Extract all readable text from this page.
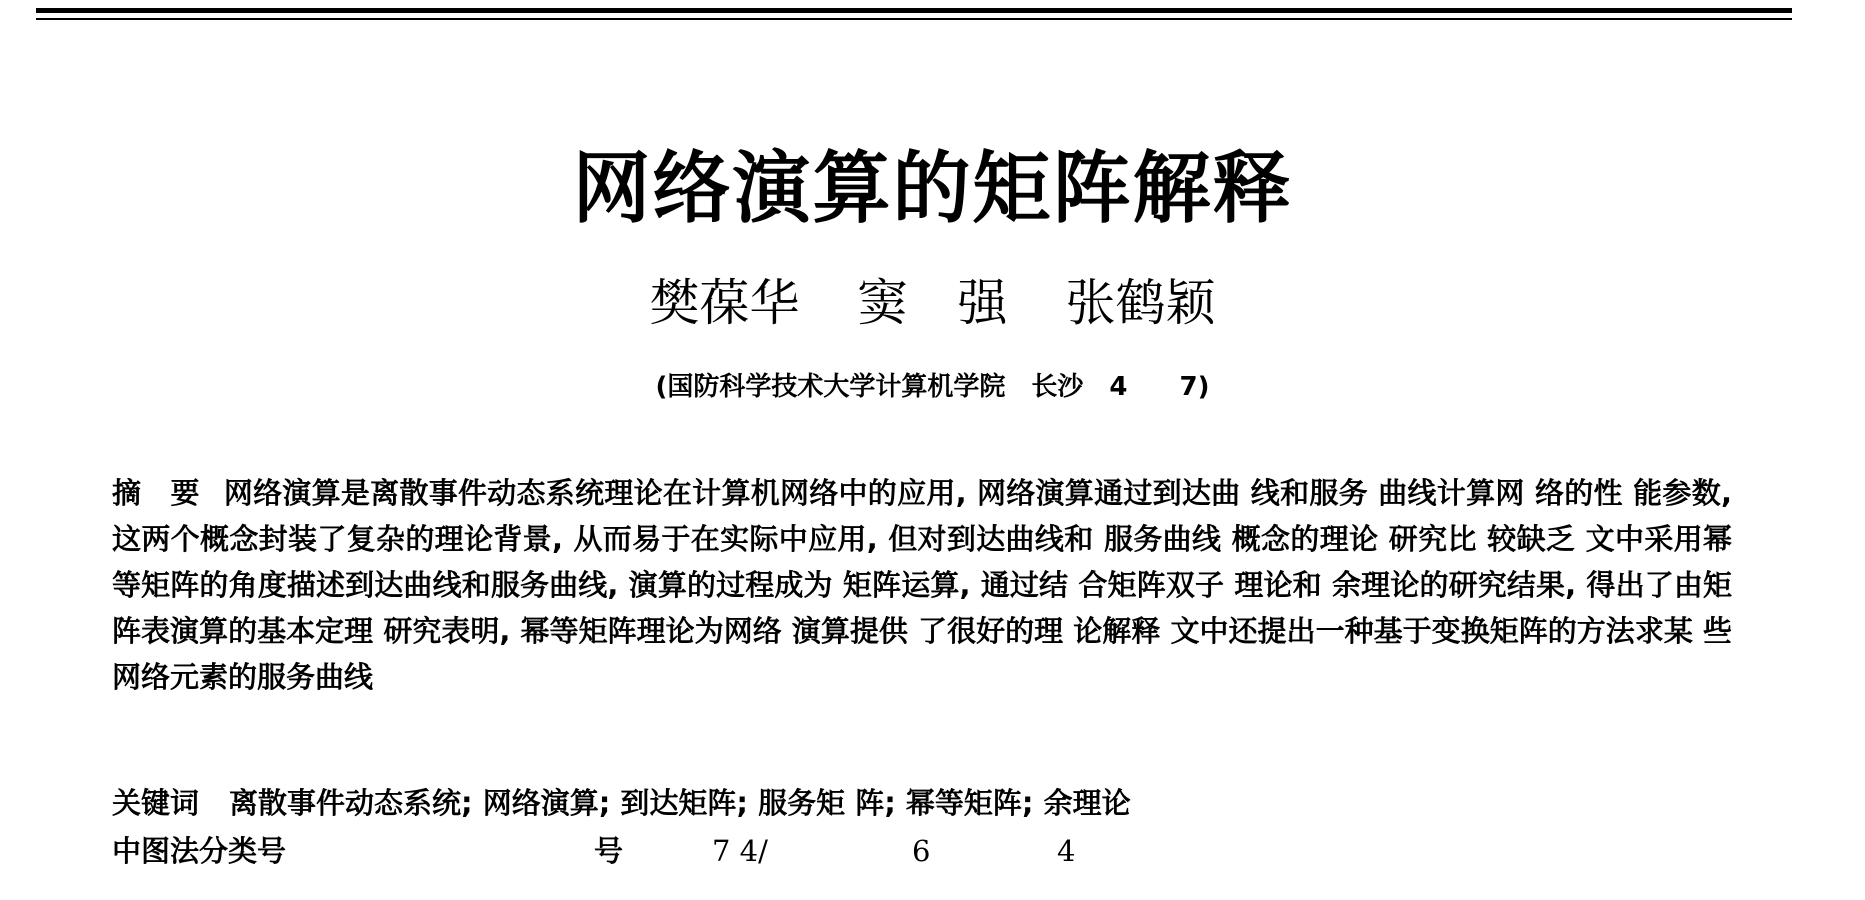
网络演算的矩阵解释
樊葆华 窦　强 张鹤颖
(国防科学技术大学计算机学院　长沙　4　　7)
摘　要 网络演算是离散事件动态系统理论在计算机网络中的应用, 网络演算通过到达曲 线和服务 曲线计算网 络的性 能参数, 这两个概念封装了复杂的理论背景, 从而易于在实际中应用, 但对到达曲线和 服务曲线 概念的理论 研究比 较缺乏 文中采用幂等矩阵的角度描述到达曲线和服务曲线, 演算的过程成为 矩阵运算, 通过结 合矩阵双子 理论和 余理论的研究结果, 得出了由矩阵表演算的基本定理 研究表明, 幂等矩阵理论为网络 演算提供 了很好的理 论解释 文中还提出一种基于变换矩阵的方法求某 些网络元素的服务曲线
关键词 离散事件动态系统; 网络演算; 到达矩阵; 服务矩 阵; 幂等矩阵; 余理论
中图法分类号	号	7 4/	6	4
